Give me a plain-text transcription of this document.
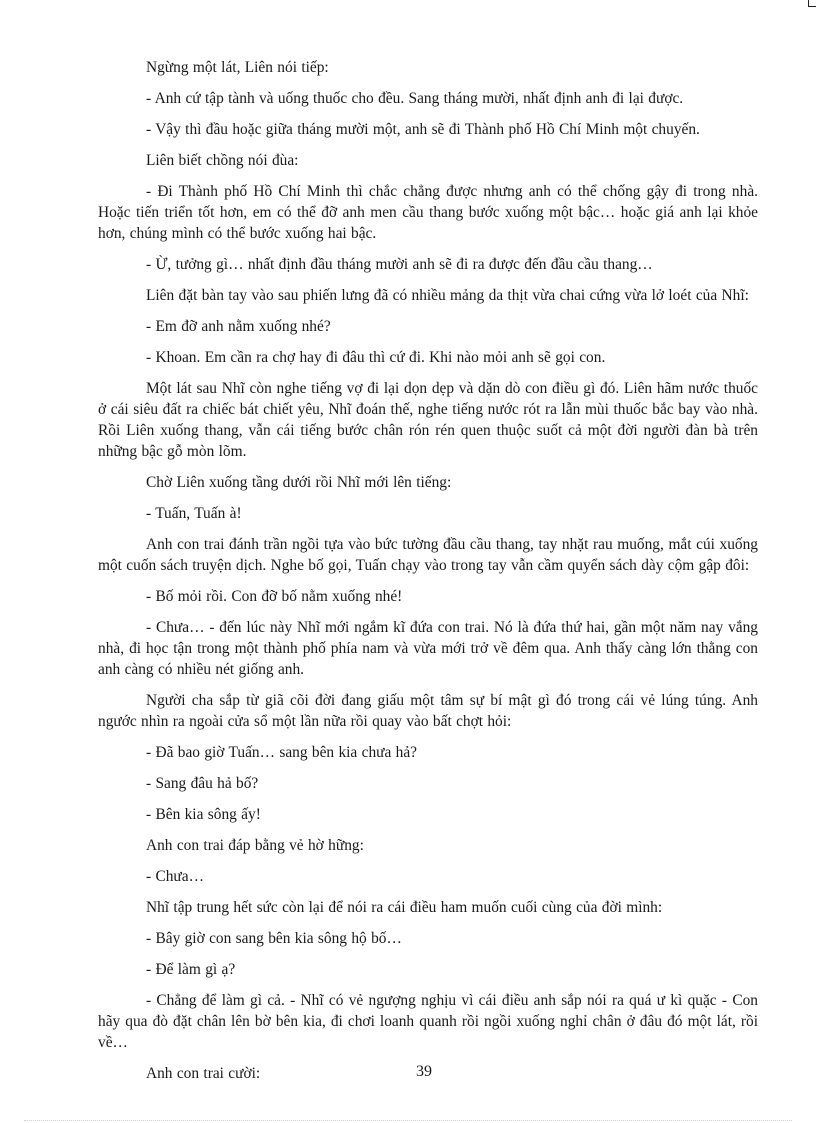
Ngừng một lát, Liên nói tiếp:

- Anh cứ tập tành và uống thuốc cho đều. Sang tháng mười, nhất định anh đi lại được.

- Vậy thì đầu hoặc giữa tháng mười một, anh sẽ đi Thành phố Hồ Chí Minh một chuyến.

Liên biết chồng nói đùa:

- Đi Thành phố Hồ Chí Minh thì chắc chẳng được nhưng anh có thể chống gậy đi trong nhà. Hoặc tiến triển tốt hơn, em có thể đỡ anh men cầu thang bước xuống một bậc… hoặc giá anh lại khỏe hơn, chúng mình có thể bước xuống hai bậc.

- Ừ, tưởng gì… nhất định đầu tháng mười anh sẽ đi ra được đến đầu cầu thang…

Liên đặt bàn tay vào sau phiến lưng đã có nhiều mảng da thịt vừa chai cứng vừa lở loét của Nhĩ:

- Em đỡ anh nằm xuống nhé?

- Khoan. Em cần ra chợ hay đi đâu thì cứ đi. Khi nào mỏi anh sẽ gọi con.

Một lát sau Nhĩ còn nghe tiếng vợ đi lại dọn dẹp và dặn dò con điều gì đó. Liên hãm nước thuốc ở cái siêu đất ra chiếc bát chiết yêu, Nhĩ đoán thế, nghe tiếng nước rót ra lẫn mùi thuốc bắc bay vào nhà. Rồi Liên xuống thang, vẫn cái tiếng bước chân rón rén quen thuộc suốt cả một đời người đàn bà trên những bậc gỗ mòn lõm.

Chờ Liên xuống tầng dưới rồi Nhĩ mới lên tiếng:

- Tuấn, Tuấn à!

Anh con trai đánh trần ngồi tựa vào bức tường đầu cầu thang, tay nhặt rau muống, mắt cúi xuống một cuốn sách truyện dịch. Nghe bố gọi, Tuấn chạy vào trong tay vẫn cầm quyển sách dày cộm gập đôi:

- Bố mỏi rồi. Con đỡ bố nằm xuống nhé!

- Chưa… - đến lúc này Nhĩ mới ngắm kĩ đứa con trai. Nó là đứa thứ hai, gần một năm nay vắng nhà, đi học tận trong một thành phố phía nam và vừa mới trở về đêm qua. Anh thấy càng lớn thằng con anh càng có nhiều nét giống anh.

Người cha sắp từ giã cõi đời đang giấu một tâm sự bí mật gì đó trong cái vẻ lúng túng. Anh ngước nhìn ra ngoài cửa sổ một lần nữa rồi quay vào bất chợt hỏi:

- Đã bao giờ Tuấn… sang bên kia chưa hả?

- Sang đâu hả bố?

- Bên kia sông ấy!

Anh con trai đáp bằng vẻ hờ hững:

- Chưa…

Nhĩ tập trung hết sức còn lại để nói ra cái điều ham muốn cuối cùng của đời mình:

- Bây giờ con sang bên kia sông hộ bố…

- Để làm gì ạ?

- Chẳng để làm gì cả. - Nhĩ có vẻ ngượng nghịu vì cái điều anh sắp nói ra quá ư kì quặc - Con hãy qua đò đặt chân lên bờ bên kia, đi chơi loanh quanh rồi ngồi xuống nghỉ chân ở đâu đó một lát, rồi về…

Anh con trai cười:	39
